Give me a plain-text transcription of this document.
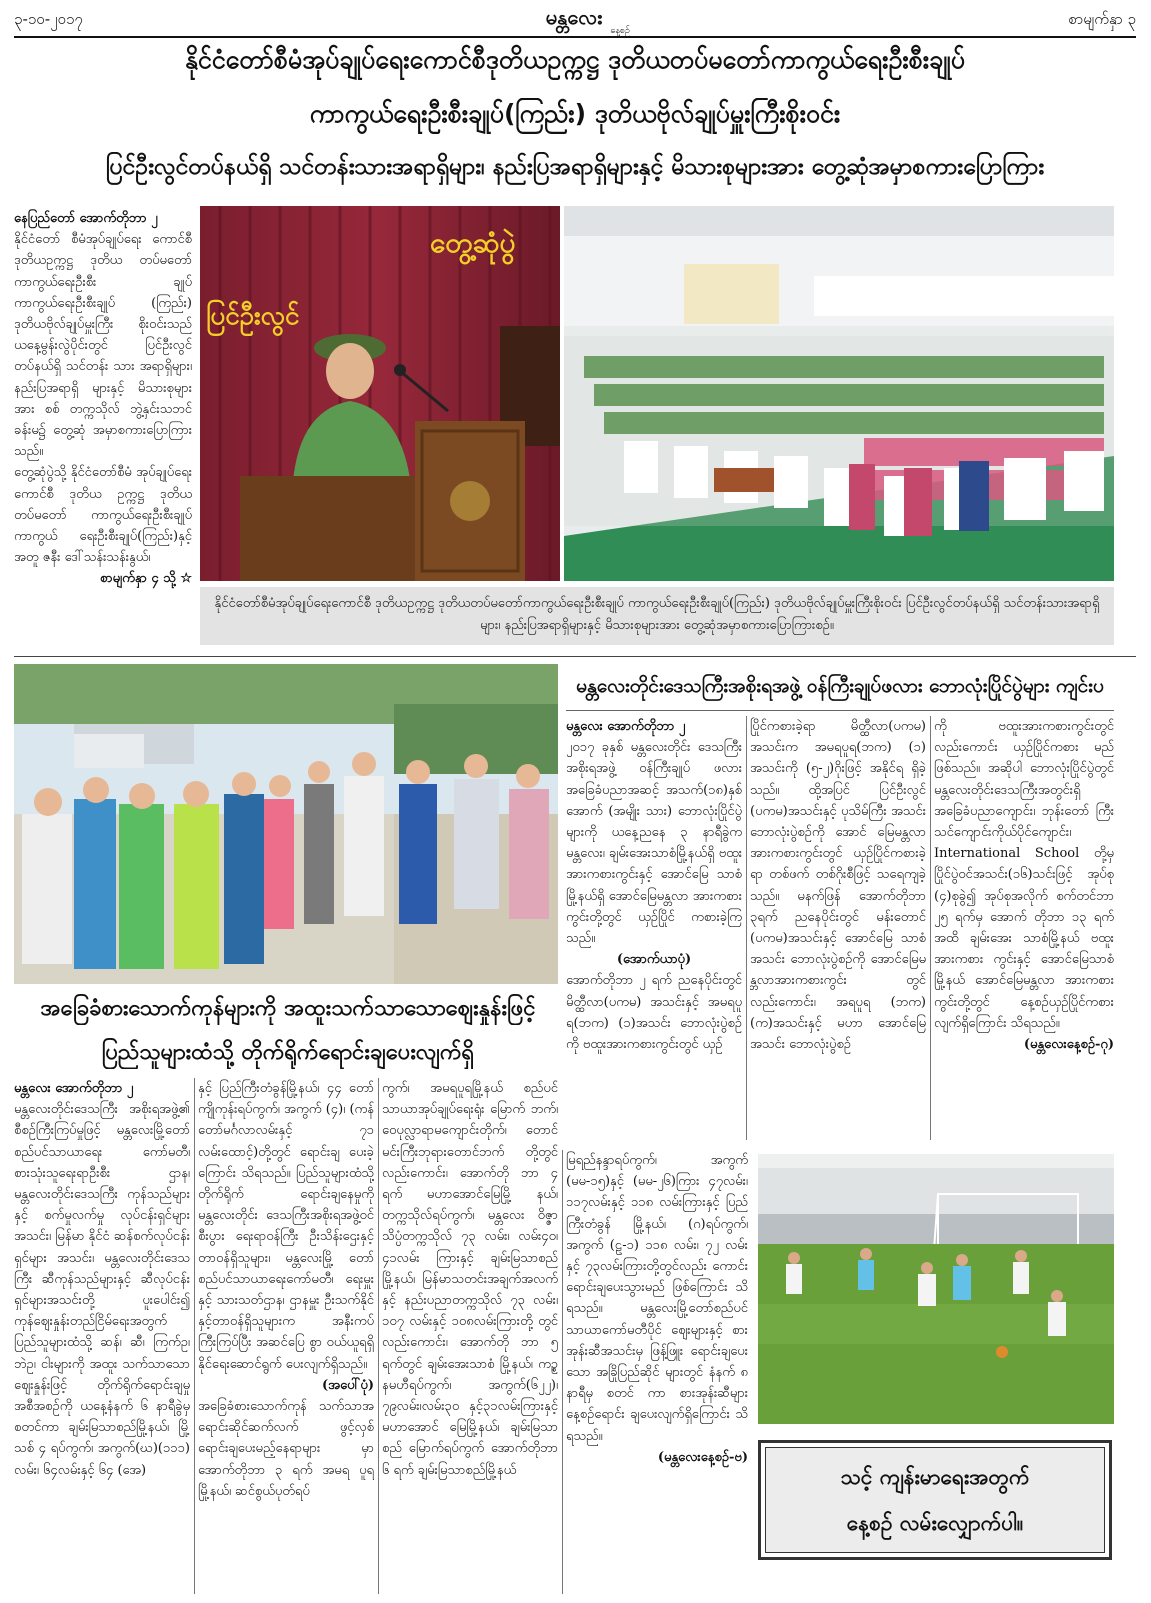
၃-၁၀-၂၀၁၇	မန္တလေး
နေ့စဉ်
စာမျက်နှာ ၃
နိုင်ငံတော်စီမံအုပ်ချုပ်ရေးကောင်စီဒုတိယဥက္ကဋ္ဌ ဒုတိယတပ်မတော်ကာကွယ်ရေးဦးစီးချုပ်
ကာကွယ်ရေးဦးစီးချုပ်(ကြည်း) ဒုတိယဗိုလ်ချုပ်မှူးကြီးစိုးဝင်း
ပြင်ဦးလွင်တပ်နယ်ရှိ သင်တန်းသားအရာရှိများ၊ နည်းပြအရာရှိများနှင့် မိသားစုများအား တွေ့ဆုံအမှာစကားပြောကြား
နေပြည်တော် အောက်တိုဘာ ၂

နိုင်ငံတော် စီမံအုပ်ချုပ်ရေး ကောင်စီဒုတိယဥက္ကဋ္ဌ ဒုတိယ တပ်မတော်ကာကွယ်ရေးဦးစီး ချုပ် ကာကွယ်ရေးဦးစီးချုပ် (ကြည်း) ဒုတိယဗိုလ်ချုပ်မှူးကြီး စိုးဝင်းသည် ယနေ့မွန်းလွဲပိုင်းတွင် ပြင်ဦးလွင်တပ်နယ်ရှိ သင်တန်း သား အရာရှိများ၊ နည်းပြအရာရှိ များနှင့် မိသားစုများအား စစ် တက္ကသိုလ် ဘွဲ့နှင်းသဘင်ခန်းမ၌ တွေ့ဆုံ အမှာစကားပြောကြား သည်။

တွေ့ဆုံပွဲသို့ နိုင်ငံတော်စီမံ အုပ်ချုပ်ရေးကောင်စီ ဒုတိယ ဥက္ကဋ္ဌ ဒုတိယတပ်မတော် ကာကွယ်ရေးဦးစီးချုပ် ကာကွယ် ရေးဦးစီးချုပ်(ကြည်း)နှင့် အတူ ဇနီး ဒေါ်သန်းသန်းနွယ်၊

စာမျက်နှာ ၄ သို့ ☆
တွေ့ဆုံပွဲ
ပြင်ဦးလွင်
နိုင်ငံတော်စီမံအုပ်ချုပ်ရေးကောင်စီ ဒုတိယဥက္ကဋ္ဌ ဒုတိယတပ်မတော်ကာကွယ်ရေးဦးစီးချုပ် ကာကွယ်ရေးဦးစီးချုပ်(ကြည်း) ဒုတိယဗိုလ်ချုပ်မှူးကြီးစိုးဝင်း ပြင်ဦးလွင်တပ်နယ်ရှိ သင်တန်းသားအရာရှိများ၊ နည်းပြအရာရှိများနှင့် မိသားစုများအား တွေ့ဆုံအမှာစကားပြောကြားစဉ်။
အခြေခံစားသောက်ကုန်များကို အထူးသက်သာသောဈေးနှုန်းဖြင့်
ပြည်သူများထံသို့ တိုက်ရိုက်ရောင်းချပေးလျက်ရှိ
မန္တလေး အောက်တိုဘာ ၂

မန္တလေးတိုင်းဒေသကြီး အစိုးရအဖွဲ့၏ စီစဉ်ကြီးကြပ်မှုဖြင့် မန္တလေးမြို့တော်စည်ပင်သာယာရေး ကော်မတီ၊ စားသုံးသူရေးရာဦးစီး ဌာန၊ မန္တလေးတိုင်းဒေသကြီး ကုန်သည်များနှင့် စက်မှုလက်မှု လုပ်ငန်းရှင်များအသင်း၊ မြန်မာ နိုင်ငံ ဆန်စက်လုပ်ငန်းရှင်များ အသင်း၊ မန္တလေးတိုင်းဒေသကြီး ဆီကုန်သည်များနှင့် ဆီလုပ်ငန်း ရှင်များအသင်းတို့ ပူးပေါင်း၍ ကုန်ဈေးနှုန်းတည်ငြိမ်ရေးအတွက် ပြည်သူများထံသို့ ဆန်၊ ဆီ၊ ကြက်ဥ၊ ဘဲဥ၊ ငါးများကို အထူး သက်သာသော ဈေးနှုန်းဖြင့် တိုက်ရိုက်ရောင်းချမှု အစီအစဉ်ကို ယနေ့နံနက် ၆ နာရီခွဲမှ စတင်ကာ ချမ်းမြသာစည်မြို့နယ်၊ မြို့သစ် ၄ ရပ်ကွက်၊ အကွက်(ဃ)(၁၁၁) လမ်း၊ ၆၄လမ်းနှင့် ၆၄ (အေ)

နှင့် ပြည်ကြီးတံခွန်မြို့နယ်၊ ၄၄ တော်ကျိုကုန်းရပ်ကွက်၊ အကွက် (၄)၊ (ကန်တော်မင်္ဂလာလမ်းနှင့် ၇၁ လမ်းထောင့်)တို့တွင် ရောင်းချ ပေးခဲ့ကြောင်း သိရသည်။ ပြည်သူများထံသို့ တိုက်ရိုက် ရောင်းချနေမှုကို မန္တလေးတိုင်း ဒေသကြီးအစိုးရအဖွဲ့ဝင် စီးပွား ရေးရာဝန်ကြီး ဦးသိန်းဌေးနှင့် တာဝန်ရှိသူများ၊ မန္တလေးမြို့ တော်စည်ပင်သာယာရေးကော်မတီ၊ ရေးမှူးနှင့် သားသတ်ဌာန၊ ဌာနမှူး ဦးသက်နိုင်နှင့်တာဝန်ရှိသူများက အနီးကပ်ကြီးကြပ်ပြီး အဆင်ပြေ စွာ ဝယ်ယူရရှိနိုင်ရေးဆောင်ရွက် ပေးလျက်ရှိသည်။

(အပေါ်ပုံ)

အခြေခံစားသောက်ကုန် သက်သာအရောင်းဆိုင်ဆက်လက် ဖွင့်လှစ်ရောင်းချပေးမည့်နေရာများ မှာ အောက်တိုဘာ ၃ ရက် အမရ ပူရမြို့နယ်၊ ဆင်စွယ်ပုတ်ရပ်

ကွက်၊ အမရပူရမြို့နယ် စည်ပင် သာယာအုပ်ချုပ်ရေးရုံး မြောက် ဘက်၊ ဝေပုလ္လာရာမကျောင်းတိုက်၊ တောင်မင်းကြီးဘုရားတောင်ဘက် တို့တွင်လည်းကောင်း၊ အောက်တို ဘာ ၄ ရက် မဟာအောင်မြေမြို့ နယ်၊ တက္ကသိုလ်ရပ်ကွက်၊ မန္တလေး ဝိဇ္ဇာသိပ္ပံတက္ကသိုလ် ၇၃ လမ်း၊ လမ်း၄၀၊ ၄၁လမ်း ကြားနှင့် ချမ်းမြသာစည်မြို့နယ်၊ မြန်မာသတင်းအချက်အလက်နှင့် နည်းပညာတက္ကသိုလ် ၇၃ လမ်း၊ ၁၀၇ လမ်းနှင့် ၁၀၈လမ်းကြားတို့ တွင်လည်းကောင်း၊ အောက်တို ဘာ ၅ ရက်တွင် ချမ်းအေးသာစံ မြို့နယ်၊ ကဥ္စနမဟီရပ်ကွက်၊ အကွက်(၆၂၂)၊ ၇၉လမ်း၊လမ်း၃၀ နှင့်၃၁လမ်းကြားနှင့် မဟာအောင် မြေမြို့နယ်၊ ချမ်းမြသာစည် မြောက်ရပ်ကွက် အောက်တိုဘာ ၆ ရက် ချမ်းမြသာစည်မြို့နယ်

မြရည်နန္ဒာရပ်ကွက်၊ အကွက် (မမ-၁၅)နှင့် (မမ-၂၆)ကြား ၄၇လမ်း၊ ၁၁၇လမ်းနှင့် ၁၁၈ လမ်းကြားနှင့် ပြည်ကြီးတံခွန် မြို့နယ်၊ (ဂ)ရပ်ကွက်၊ အကွက် (ဠ-၁) ၁၁၈ လမ်း၊ ၇၂ လမ်း နှင့် ၇၃လမ်းကြားတို့တွင်လည်း ကောင်း ရောင်းချပေးသွားမည် ဖြစ်ကြောင်း သိရသည်။ မန္တလေးမြို့တော်စည်ပင် သာယာကော်မတီပိုင် ဈေးများနှင့် စားအုန်းဆီအသင်းမှ ဖြန့်ဖြူး ရောင်းချပေးသော အခြိုပြည်ဆိုင် များတွင် နံနက် ၈ နာရီမှ စတင် ကာ စားအုန်းဆီများ နေ့စဉ်ရောင်း ချပေးလျက်ရှိကြောင်း သိရသည်။

(မန္တလေးနေ့စဉ်-ဗ)
မန္တလေးတိုင်းဒေသကြီးအစိုးရအဖွဲ့ ဝန်ကြီးချုပ်ဖလား ဘောလုံးပြိုင်ပွဲများ ကျင်းပ
မန္တလေး အောက်တိုဘာ ၂

၂၀၁၇ ခုနှစ် မန္တလေးတိုင်း ဒေသကြီးအစိုးရအဖွဲ့ ဝန်ကြီးချုပ် ဖလား အခြေခံပညာအဆင့် အသက်(၁၈)နှစ်အောက် (အမျိုး သား) ဘောလုံးပြိုင်ပွဲများကို ယနေ့ညနေ ၃ နာရီခွဲက မန္တလေး၊ ချမ်းအေးသာစံမြို့နယ်ရှိ ဗထူး အားကစားကွင်းနှင့် အောင်မြေ သာစံမြို့နယ်ရှိ အောင်မြေမန္တလာ အားကစားကွင်းတို့တွင် ယှဉ်ပြိုင် ကစားခဲ့ကြသည်။

(အောက်ယာပုံ)

အောက်တိုဘာ ၂ ရက် ညနေပိုင်းတွင် မိတ္ထီလာ(ပကမ) အသင်းနှင့် အမရပူရ(ဘက) (၁)အသင်း ဘောလုံးပွဲစဉ်ကို ဗထူးအားကစားကွင်းတွင် ယှဉ်

ပြိုင်ကစားခဲ့ရာ မိတ္ထီလာ(ပကမ) အသင်းက အမရပူရ(ဘက) (၁) အသင်းကို (၅-၂)ဂိုးဖြင့် အနိုင်ရ ရှိခဲ့သည်။ ထို့အပြင် ပြင်ဦးလွင် (ပကမ)အသင်းနှင့် ပုသိမ်ကြီး အသင်း ဘောလုံးပွဲစဉ်ကို အောင် မြေမန္တလာအားကစားကွင်းတွင် ယှဉ်ပြိုင်ကစားခဲ့ရာ တစ်ဖက် တစ်ဂိုးစီဖြင့် သရေကျခဲ့သည်။ မနက်ဖြန် အောက်တိုဘာ ၃ရက် ညနေပိုင်းတွင် မန်းတောင် (ပကမ)အသင်းနှင့် အောင်မြေ သာစံအသင်း ဘောလုံးပွဲစဉ်ကို အောင်မြေမန္တလာအားကစားကွင်း တွင် လည်းကောင်း၊ အရပူရ (ဘက) (က)အသင်းနှင့် မဟာ အောင်မြေအသင်း ဘောလုံးပွဲစဉ်

ကို ဗထူးအားကစားကွင်းတွင် လည်းကောင်း ယှဉ်ပြိုင်ကစား မည်ဖြစ်သည်။ အဆိုပါ ဘောလုံးပြိုင်ပွဲတွင် မန္တလေးတိုင်းဒေသကြီးအတွင်းရှိ အခြေခံပညာကျောင်း၊ ဘုန်းတော် ကြီးသင်ကျောင်းကိုယ်ပိုင်ကျောင်း၊ International School တို့မှ ပြိုင်ပွဲဝင်အသင်း(၁၆)သင်းဖြင့် အုပ်စု (၄)စုခွဲ၍ အုပ်စုအလိုက် စက်တင်ဘာ ၂၅ ရက်မှ အောက် တိုဘာ ၁၃ ရက်အထိ ချမ်းအေး သာစံမြို့နယ် ဗထူးအားကစား ကွင်းနှင့် အောင်မြေသာစံမြို့နယ် အောင်မြေမန္တလာ အားကစား ကွင်းတို့တွင် နေ့စဉ်ယှဉ်ပြိုင်ကစား လျက်ရှိကြောင်း သိရသည်။

(မန္တလေးနေ့စဉ်-ဂု)
သင့် ကျန်းမာရေးအတွက်
နေ့စဉ် လမ်းလျှောက်ပါ။
